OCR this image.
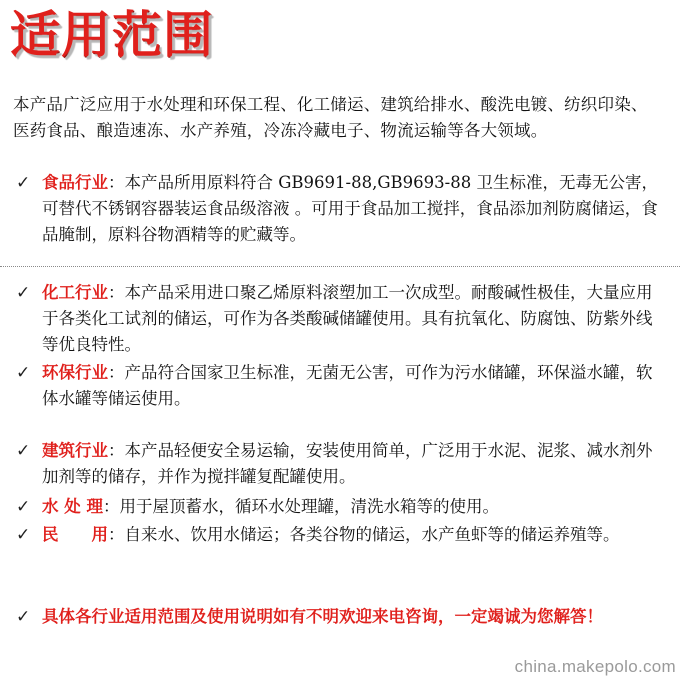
适用范围

本产品广泛应用于水处理和环保工程、化工储运、建筑给排水、酸洗电镀、纺织印染、医药食品、酿造速冻、水产养殖，冷冻冷藏电子、物流运输等各大领域。

✓ 食品行业：本产品所用原料符合 GB9691-88,GB9693-88 卫生标准，无毒无公害，可替代不锈钢容器装运食品级溶液 。可用于食品加工搅拌，食品添加剂防腐储运，食品腌制，原料谷物酒精等的贮藏等。
✓ 化工行业：本产品采用进口聚乙烯原料滚塑加工一次成型。耐酸碱性极佳，大量应用于各类化工试剂的储运，可作为各类酸碱储罐使用。具有抗氧化、防腐蚀、防紫外线等优良特性。
✓ 环保行业：产品符合国家卫生标准，无菌无公害，可作为污水储罐，环保溢水罐，软体水罐等储运使用。
✓ 建筑行业：本产品轻便安全易运输，安装使用简单，广泛用于水泥、泥浆、减水剂外加剂等的储存，并作为搅拌罐复配罐使用。
✓ 水 处 理：用于屋顶蓄水，循环水处理罐，清洗水箱等的使用。
✓ 民　　用：自来水、饮用水储运；各类谷物的储运，水产鱼虾等的储运养殖等。
✓ 具体各行业适用范围及使用说明如有不明欢迎来电咨询，一定竭诚为您解答！
china.makepolo.com
